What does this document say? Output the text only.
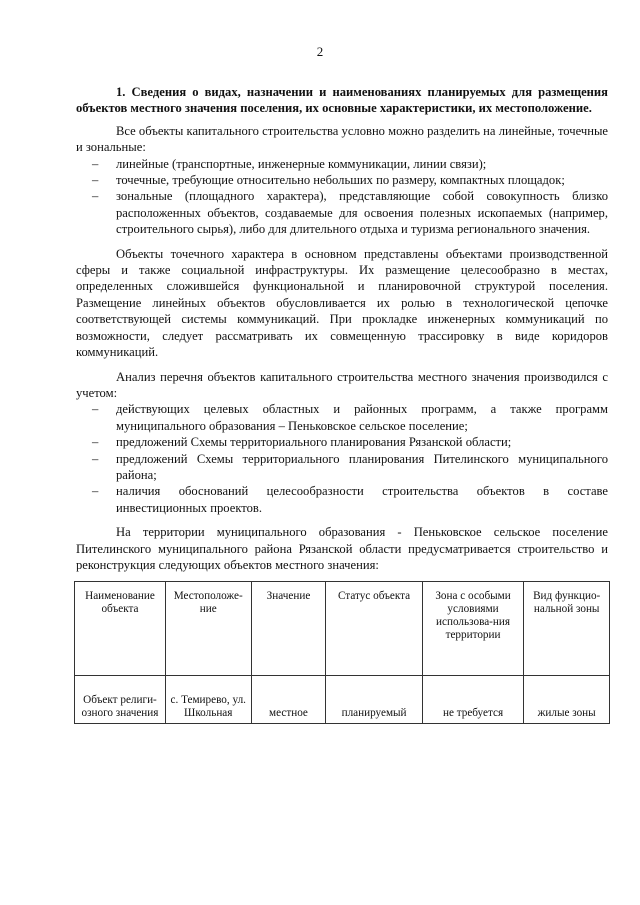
2

1. Сведения о видах, назначении и наименованиях планируемых для размещения объектов местного значения поселения, их основные характеристики, их местоположение.

Все объекты капитального строительства условно можно разделить на линейные, точечные и зональные:

– линейные (транспортные, инженерные коммуникации, линии связи);
– точечные, требующие относительно небольших по размеру, компактных площадок;
– зональные (площадного характера), представляющие собой совокупность близко расположенных объектов, создаваемые для освоения полезных ископаемых (например, строительного сырья), либо для длительного отдыха и туризма регионального значения.

Объекты точечного характера в основном представлены объектами производственной сферы и также социальной инфраструктуры. Их размещение целесообразно в местах, определенных сложившейся функциональной и планировочной структурой поселения. Размещение линейных объектов обусловливается их ролью в технологической цепочке соответствующей системы коммуникаций. При прокладке инженерных коммуникаций по возможности, следует рассматривать их совмещенную трассировку в виде коридоров коммуникаций.

Анализ перечня объектов капитального строительства местного значения производился с учетом:

– действующих целевых областных и районных программ, а также программ муниципального образования – Пеньковское сельское поселение;
– предложений Схемы территориального планирования Рязанской области;
– предложений Схемы территориального планирования Пителинского муниципального района;
– наличия обоснований целесообразности строительства объектов в составе инвестиционных проектов.

На территории муниципального образования - Пеньковское сельское поселение Пителинского муниципального района Рязанской области предусматривается строительство и реконструкция следующих объектов местного значения:

Наименование объекта	Местоположе-ние	Значение	Статус объекта	Зона с особыми условиями использова-ния территории	Вид функцио-нальной зоны
Объект религи-озного значения	с. Темирево, ул. Школьная	местное	планируемый	не требуется	жилые зоны
